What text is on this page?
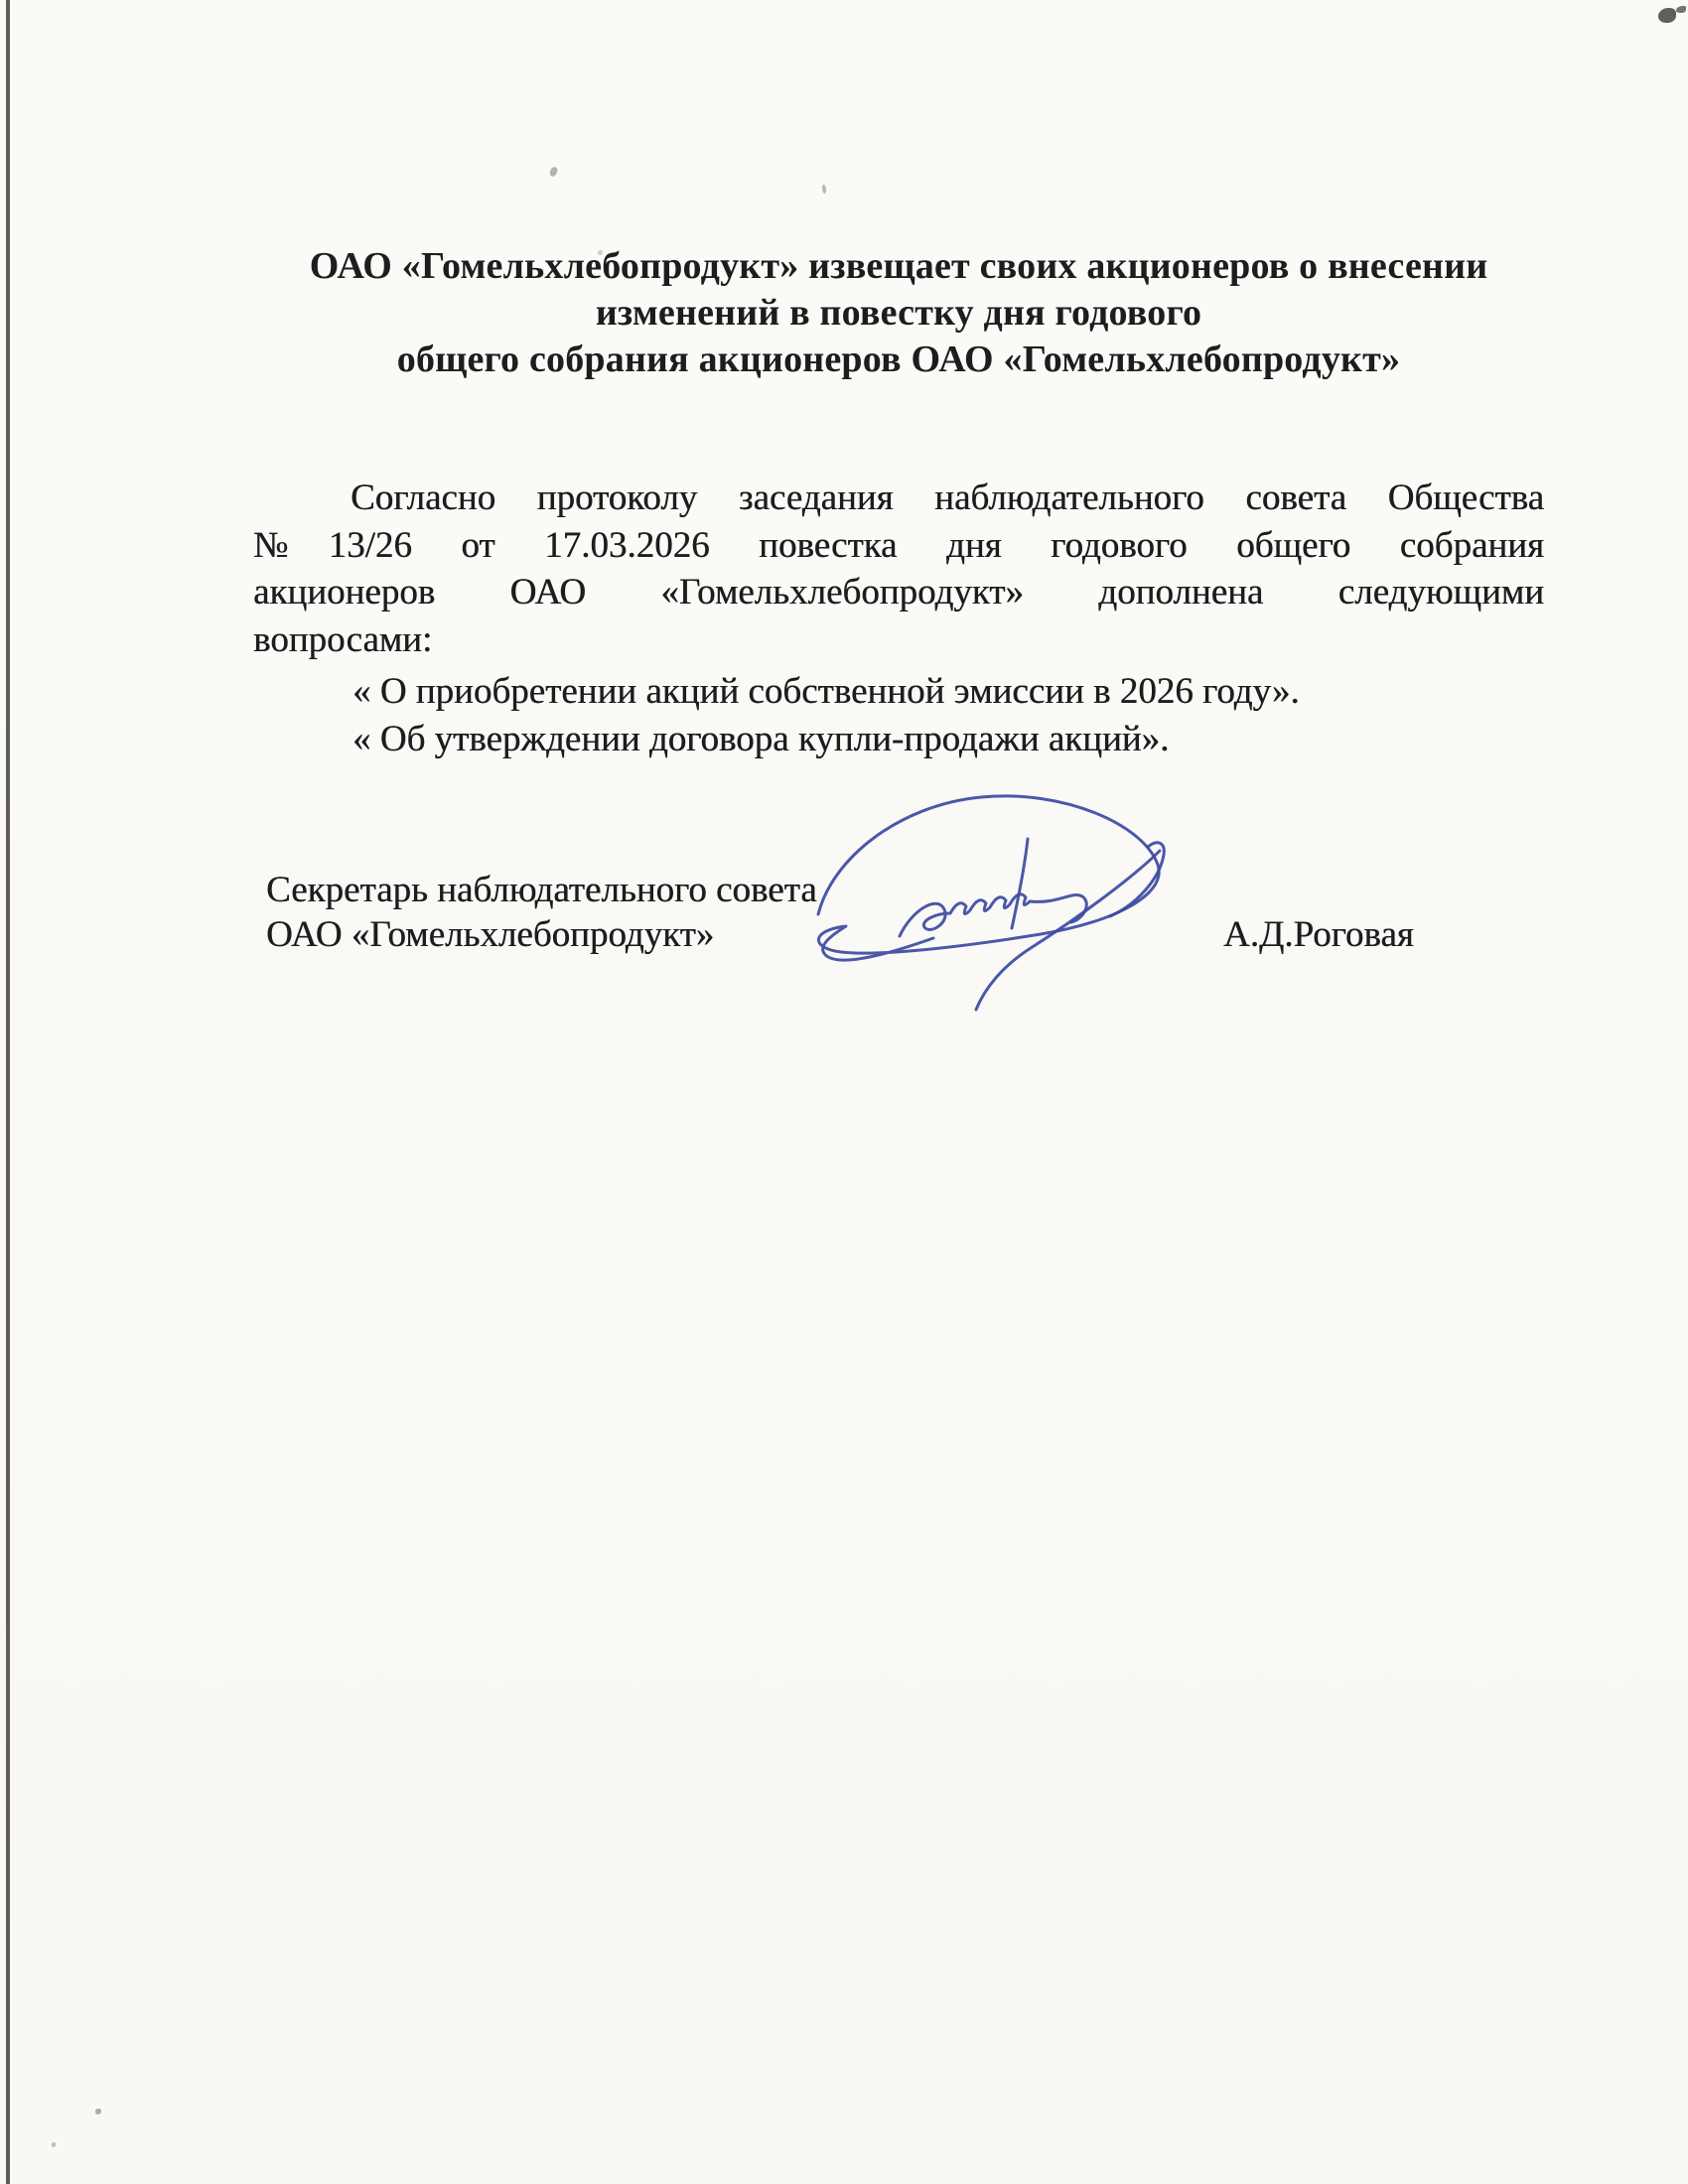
ОАО «Гомельхлебопродукт» извещает своих акционеров о внесении
изменений в повестку дня годового
общего собрания акционеров ОАО «Гомельхлебопродукт»

Согласно протоколу заседания наблюдательного совета Общества

№13/26 от 17.03.2026 повестка дня годового общего собрания

акционеров ОАО «Гомельхлебопродукт» дополнена следующими

вопросами:

« О приобретении акций собственной эмиссии в 2026 году».

« Об утверждении договора купли-продажи акций».

Секретарь наблюдательного совета
ОАО «Гомельхлебопродукт»	А.Д.Роговая
